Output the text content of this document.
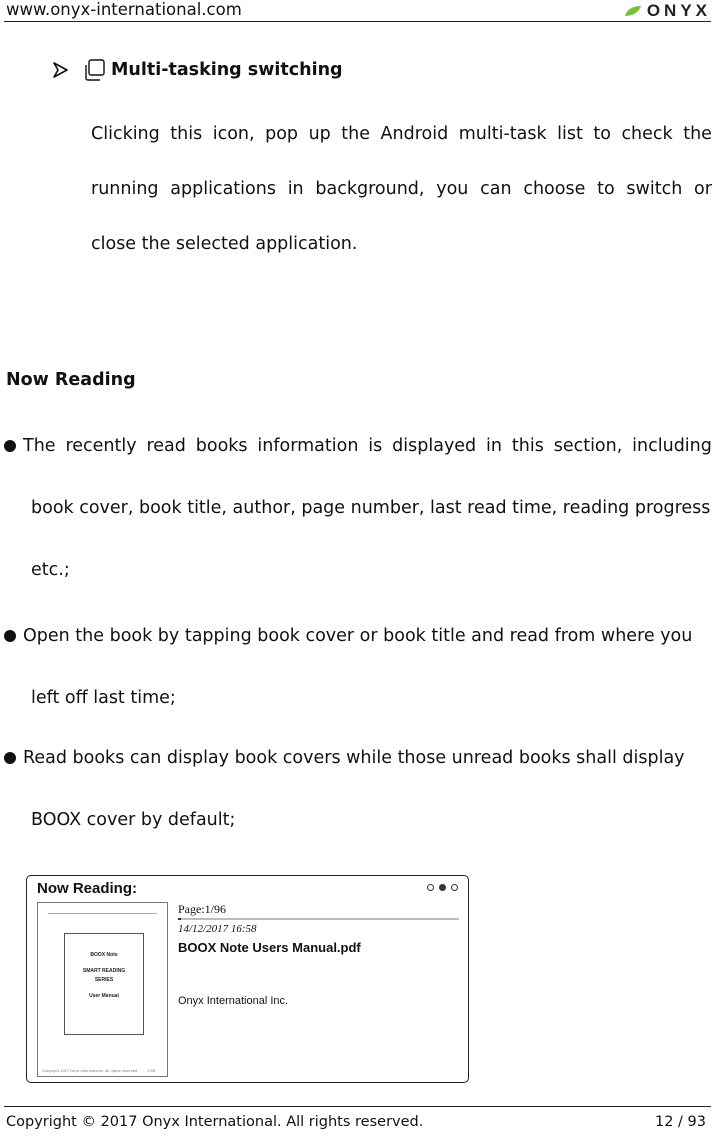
www.onyx-international.com	ONYX
Multi-tasking switching
Clicking this icon, pop up the Android multi-task list to check the
running applications in background, you can choose to switch or
close the selected application.
Now Reading
The recently read books information is displayed in this section, including
book cover, book title, author, page number, last read time, reading progress
etc.;
Open the book by tapping book cover or book title and read from where you
left off last time;
Read books can display book covers while those unread books shall display
BOOX cover by default;
Now Reading:
BOOX Note
SMART READING
SERIES
User Manual
Copyright 2017 Onyx International. All rights reserved.	1/96
Page:1/96
14/12/2017 16:58
BOOX Note Users Manual.pdf
Onyx International Inc.
Copyright © 2017 Onyx International. All rights reserved.	12 / 93
